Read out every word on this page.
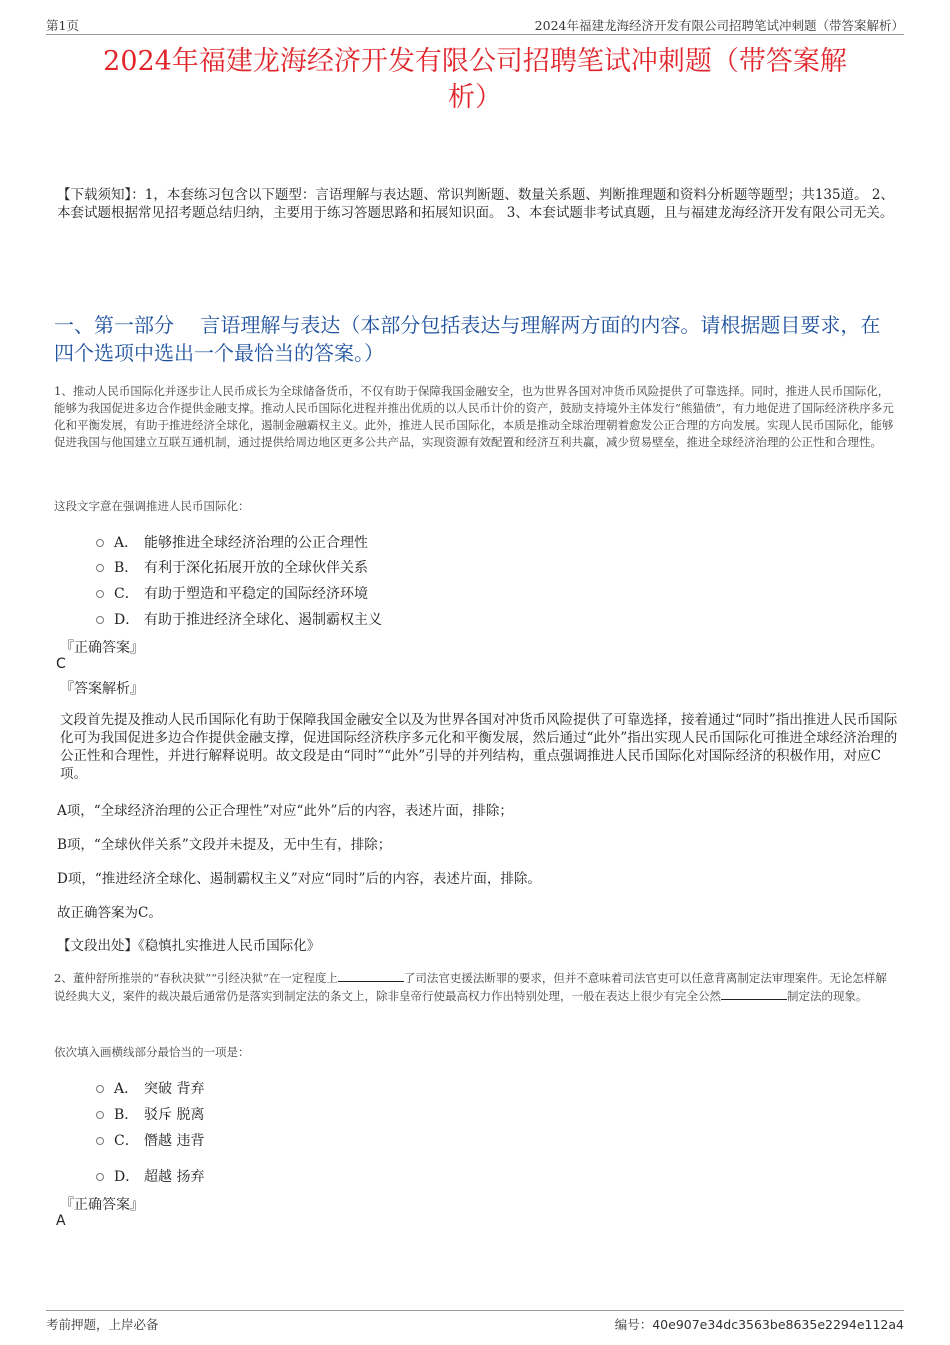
第1页	2024年福建龙海经济开发有限公司招聘笔试冲刺题（带答案解析）
2024年福建龙海经济开发有限公司招聘笔试冲刺题（带答案解
析）
【下载须知】：1，本套练习包含以下题型：言语理解与表达题、常识判断题、数量关系题、判断推理题和资料分析题等题型；共135道。 2、本套试题根据常见招考题总结归纳，主要用于练习答题思路和拓展知识面。 3、本套试题非考试真题，且与福建龙海经济开发有限公司无关。
一、第一部分　 言语理解与表达（本部分包括表达与理解两方面的内容。请根据题目要求，在四个选项中选出一个最恰当的答案。）
1、推动人民币国际化并逐步让人民币成长为全球储备货币，不仅有助于保障我国金融安全，也为世界各国对冲货币风险提供了可靠选择。同时，推进人民币国际化，能够为我国促进多边合作提供金融支撑。推动人民币国际化进程并推出优质的以人民币计价的资产，鼓励支持境外主体发行“熊猫债”，有力地促进了国际经济秩序多元化和平衡发展，有助于推进经济全球化，遏制金融霸权主义。此外，推进人民币国际化，本质是推动全球治理朝着愈发公正合理的方向发展。实现人民币国际化，能够促进我国与他国建立互联互通机制，通过提供给周边地区更多公共产品，实现资源有效配置和经济互利共赢，减少贸易壁垒，推进全球经济治理的公正性和合理性。
这段文字意在强调推进人民币国际化：
A． 能够推进全球经济治理的公正合理性
B． 有利于深化拓展开放的全球伙伴关系
C． 有助于塑造和平稳定的国际经济环境
D． 有助于推进经济全球化、遏制霸权主义
『正确答案』
C
『答案解析』
文段首先提及推动人民币国际化有助于保障我国金融安全以及为世界各国对冲货币风险提供了可靠选择，接着通过“同时”指出推进人民币国际化可为我国促进多边合作提供金融支撑，促进国际经济秩序多元化和平衡发展，然后通过“此外”指出实现人民币国际化可推进全球经济治理的公正性和合理性，并进行解释说明。故文段是由“同时”“此外”引导的并列结构，重点强调推进人民币国际化对国际经济的积极作用，对应C项。
A项，“全球经济治理的公正合理性”对应“此外”后的内容，表述片面，排除；
B项，“全球伙伴关系”文段并未提及，无中生有，排除；
D项，“推进经济全球化、遏制霸权主义”对应“同时”后的内容，表述片面，排除。
故正确答案为C。
【文段出处】《稳慎扎实推进人民币国际化》
2、董仲舒所推崇的“春秋决狱”“引经决狱”在一定程度上	了司法官吏援法断罪的要求，但并不意味着司法官吏可以任意背离制定法审理案件。无论怎样解说经典大义，案件的裁决最后通常仍是落实到制定法的条文上，除非皇帝行使最高权力作出特别处理，一般在表达上很少有完全公然	制定法的现象。
依次填入画横线部分最恰当的一项是：
A． 突破 背弃
B． 驳斥 脱离
C． 僭越 违背
D． 超越 扬弃
『正确答案』
A
考前押题，上岸必备	编号：40e907e34dc3563be8635e2294e112a4
